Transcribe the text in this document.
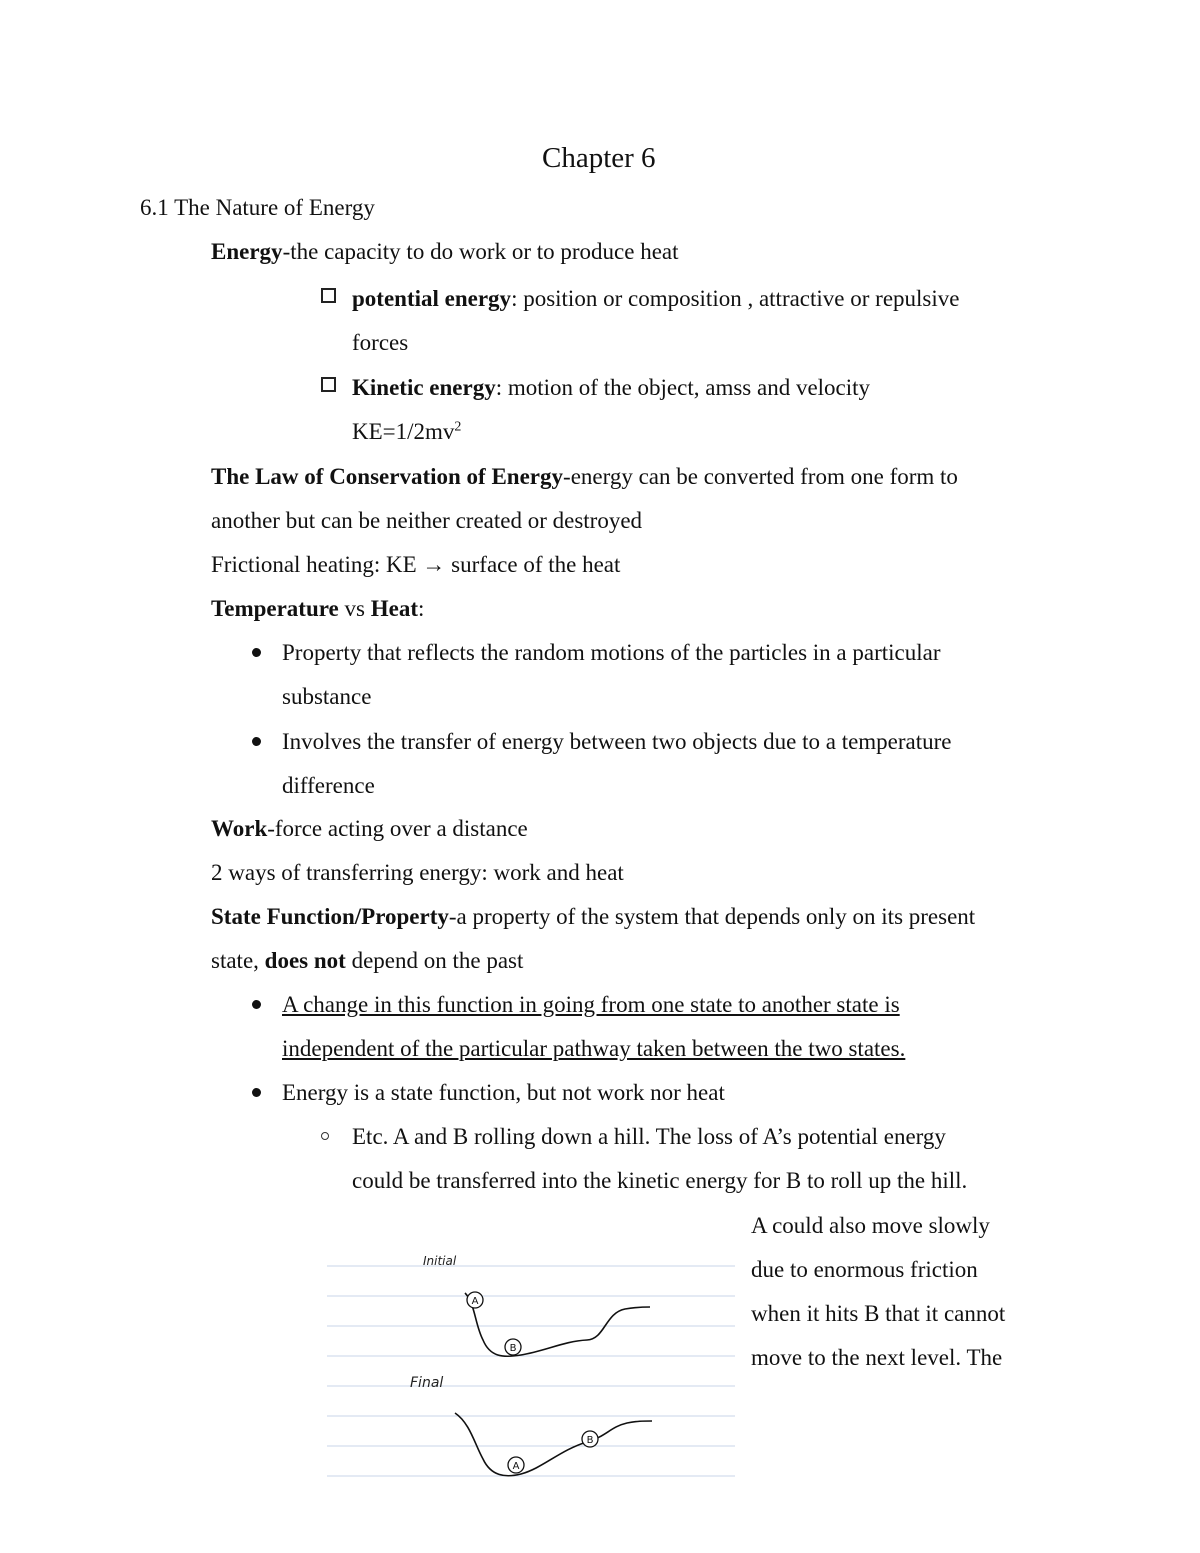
Chapter 6
6.1 The Nature of Energy
Energy-the capacity to do work or to produce heat
potential energy: position or composition , attractive or repulsive
forces
Kinetic energy: motion of the object, amss and velocity
$KE=1/2mv^2$
The Law of Conservation of Energy-energy can be converted from one form to
another but can be neither created or destroyed
Frictional heating: KE → surface of the heat
Temperature vs Heat:
Property that reflects the random motions of the particles in a particular
substance
Involves the transfer of energy between two objects due to a temperature
difference
Work-force acting over a distance
2 ways of transferring energy: work and heat
State Function/Property-a property of the system that depends only on its present
state, does not depend on the past
A change in this function in going from one state to another state is
independent of the particular pathway taken between the two states.
Energy is a state function, but not work nor heat
Etc. A and B rolling down a hill. The loss of A’s potential energy
could be transferred into the kinetic energy for B to roll up the hill.
A could also move slowly
due to enormous friction
when it hits B that it cannot
move to the next level. The
Initial
Final
A
B
A
B
